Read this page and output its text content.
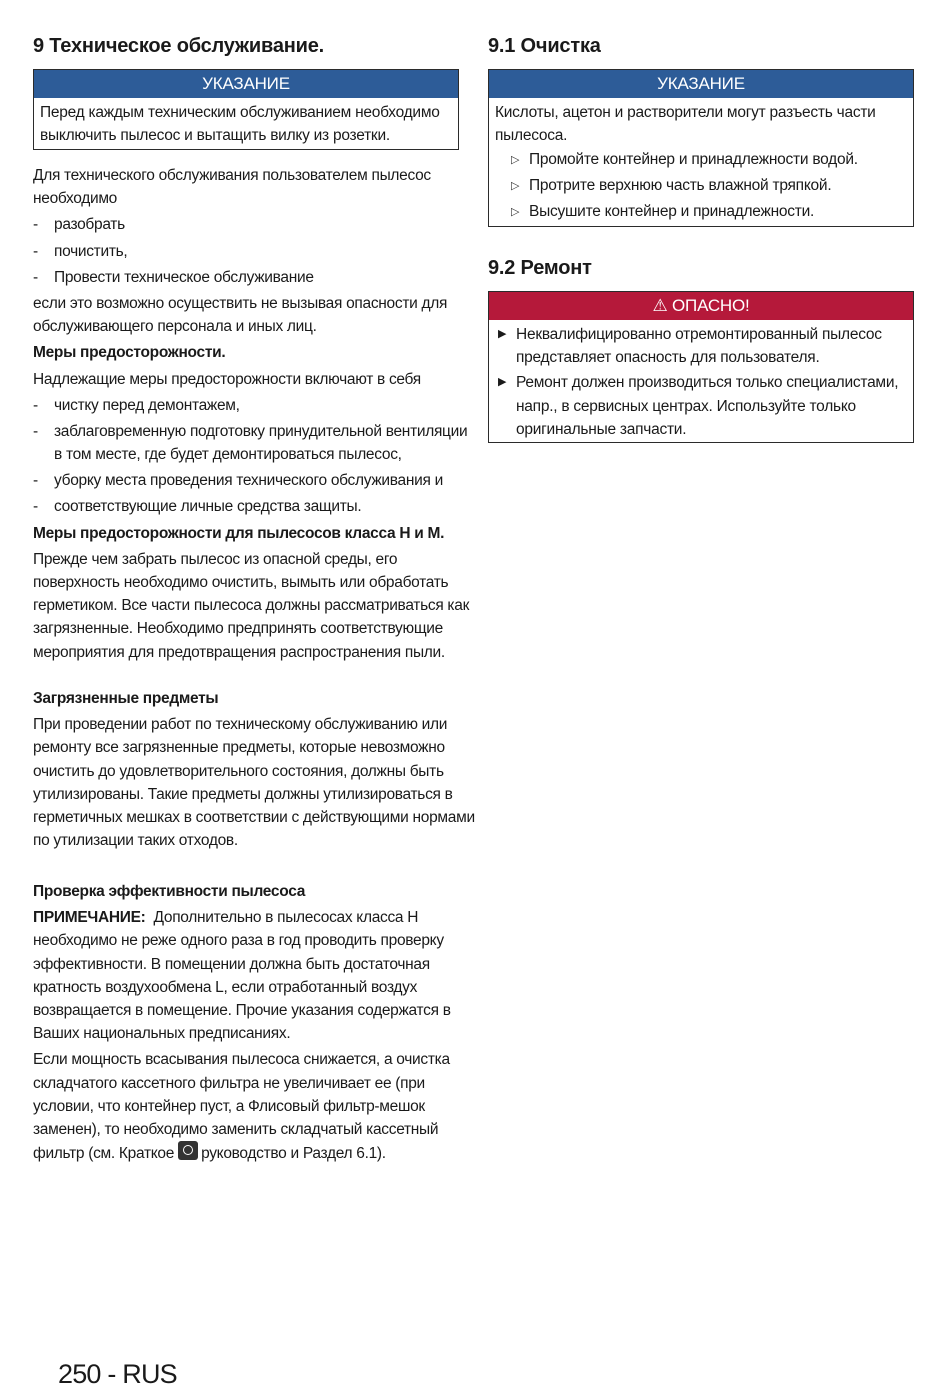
9 Техническое обслуживание.
УКАЗАНИЕ
Перед каждым техническим обслуживанием необходимо
выключить пылесос и вытащить вилку из розетки.
Для технического обслуживания пользователем пылесос
необходимо
- разобрать
- почистить,
- Провести техническое обслуживание
если это возможно осуществить не вызывая опасности для
обслуживающего персонала и иных лиц.
Меры предосторожности.
Надлежащие меры предосторожности включают в себя
- чистку перед демонтажем,
- заблаговременную подготовку принудительной вентиляции
в том месте, где будет демонтироваться пылесос,
- уборку места проведения технического обслуживания и
- соответствующие личные средства защиты.
Меры предосторожности для пылесосов класса H и M.
Прежде чем забрать пылесос из опасной среды, его
поверхность необходимо очистить, вымыть или обработать
герметиком. Все части пылесоса должны рассматриваться как
загрязненные. Необходимо предпринять соответствующие
мероприятия для предотвращения распространения пыли.
Загрязненные предметы
При проведении работ по техническому обслуживанию или
ремонту все загрязненные предметы, которые невозможно
очистить до удовлетворительного состояния, должны быть
утилизированы. Такие предметы должны утилизироваться в
герметичных мешках в соответствии с действующими нормами
по утилизации таких отходов.
Проверка эффективности пылесоса
ПРИМЕЧАНИЕ: Дополнительно в пылесосах класса H
необходимо не реже одного раза в год проводить проверку
эффективности. В помещении должна быть достаточная
кратность воздухообмена L, если отработанный воздух
возвращается в помещение. Прочие указания содержатся в
Ваших национальных предписаниях.
Если мощность всасывания пылесоса снижается, а очистка
складчатого кассетного фильтра не увеличивает ее (при
условии, что контейнер пуст, а Флисовый фильтр-мешок
заменен), то необходимо заменить складчатый кассетный
фильтр (см. Краткое руководство и Раздел 6.1).
9.1 Очистка
УКАЗАНИЕ
Кислоты, ацетон и растворители могут разъесть части
пылесоса.
▷ Промойте контейнер и принадлежности водой.
▷ Протрите верхнюю часть влажной тряпкой.
▷ Высушите контейнер и принадлежности.
9.2 Ремонт
⚠ ОПАСНО!
▶ Неквалифицированно отремонтированный пылесос
представляет опасность для пользователя.
▶ Ремонт должен производиться только специалистами,
напр., в сервисных центрах. Используйте только
оригинальные запчасти.
250 - RUS
